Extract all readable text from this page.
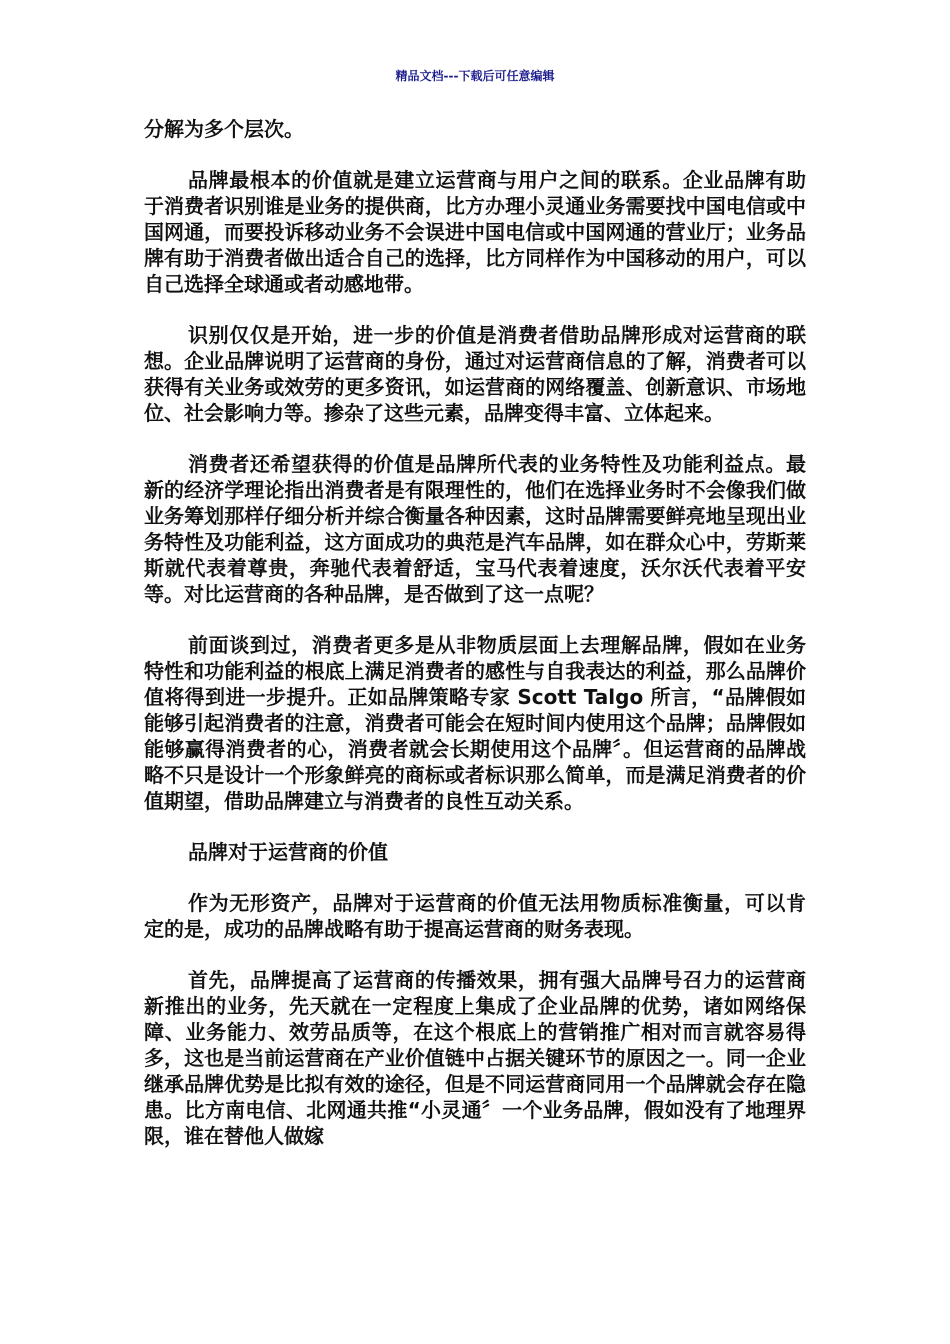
精品文档---下载后可任意编辑

分解为多个层次。

品牌最根本的价值就是建立运营商与用户之间的联系。企业品牌有助于消费者识别谁是业务的提供商，比方办理小灵通业务需要找中国电信或中国网通，而要投诉移动业务不会误进中国电信或中国网通的营业厅；业务品牌有助于消费者做出适合自己的选择，比方同样作为中国移动的用户，可以自己选择全球通或者动感地带。

识别仅仅是开始，进一步的价值是消费者借助品牌形成对运营商的联想。企业品牌说明了运营商的身份，通过对运营商信息的了解，消费者可以获得有关业务或效劳的更多资讯，如运营商的网络覆盖、创新意识、市场地位、社会影响力等。掺杂了这些元素，品牌变得丰富、立体起来。

消费者还希望获得的价值是品牌所代表的业务特性及功能利益点。最新的经济学理论指出消费者是有限理性的，他们在选择业务时不会像我们做业务筹划那样仔细分析并综合衡量各种因素，这时品牌需要鲜亮地呈现出业务特性及功能利益，这方面成功的典范是汽车品牌，如在群众心中，劳斯莱斯就代表着尊贵，奔驰代表着舒适，宝马代表着速度，沃尔沃代表着平安等。对比运营商的各种品牌，是否做到了这一点呢？

前面谈到过，消费者更多是从非物质层面上去理解品牌，假如在业务特性和功能利益的根底上满足消费者的感性与自我表达的利益，那么品牌价值将得到进一步提升。正如品牌策略专家 Scott Talgo 所言，“品牌假如能够引起消费者的注意，消费者可能会在短时间内使用这个品牌；品牌假如能够赢得消费者的心，消费者就会长期使用这个品牌〞。但运营商的品牌战略不只是设计一个形象鲜亮的商标或者标识那么简单，而是满足消费者的价值期望，借助品牌建立与消费者的良性互动关系。

品牌对于运营商的价值

作为无形资产，品牌对于运营商的价值无法用物质标准衡量，可以肯定的是，成功的品牌战略有助于提高运营商的财务表现。

首先，品牌提高了运营商的传播效果，拥有强大品牌号召力的运营商新推出的业务，先天就在一定程度上集成了企业品牌的优势，诸如网络保障、业务能力、效劳品质等，在这个根底上的营销推广相对而言就容易得多，这也是当前运营商在产业价值链中占据关键环节的原因之一。同一企业继承品牌优势是比拟有效的途径，但是不同运营商同用一个品牌就会存在隐患。比方南电信、北网通共推“小灵通〞一个业务品牌，假如没有了地理界限，谁在替他人做嫁
